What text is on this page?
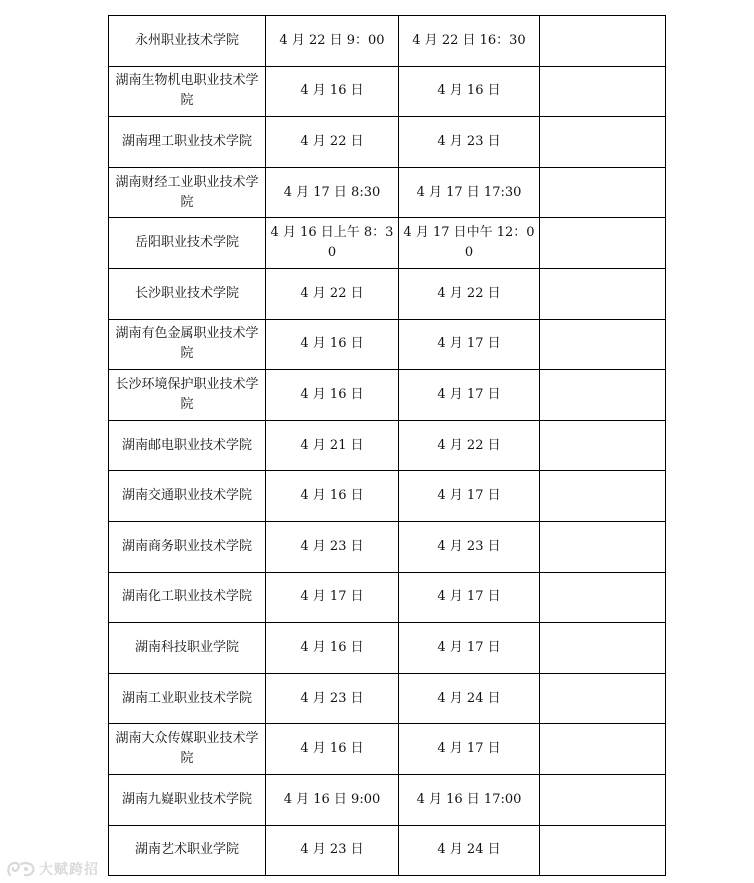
永州职业技术学院	4 月 22 日 9：00	4 月 22 日 16：30	
湖南生物机电职业技术学院	4 月 16 日	4 月 16 日	
湖南理工职业技术学院	4 月 22 日	4 月 23 日	
湖南财经工业职业技术学院	4 月 17 日 8:30	4 月 17 日 17:30	
岳阳职业技术学院	4 月 16 日上午 8：30	4 月 17 日中午 12：00	
长沙职业技术学院	4 月 22 日	4 月 22 日	
湖南有色金属职业技术学院	4 月 16 日	4 月 17 日	
长沙环境保护职业技术学院	4 月 16 日	4 月 17 日	
湖南邮电职业技术学院	4 月 21 日	4 月 22 日	
湖南交通职业技术学院	4 月 16 日	4 月 17 日	
湖南商务职业技术学院	4 月 23 日	4 月 23 日	
湖南化工职业技术学院	4 月 17 日	4 月 17 日	
湖南科技职业学院	4 月 16 日	4 月 17 日	
湖南工业职业技术学院	4 月 23 日	4 月 24 日	
湖南大众传媒职业技术学院	4 月 16 日	4 月 17 日	
湖南九嶷职业技术学院	4 月 16 日 9:00	4 月 16 日 17:00	
湖南艺术职业学院	4 月 23 日	4 月 24 日	
大赋跨招
